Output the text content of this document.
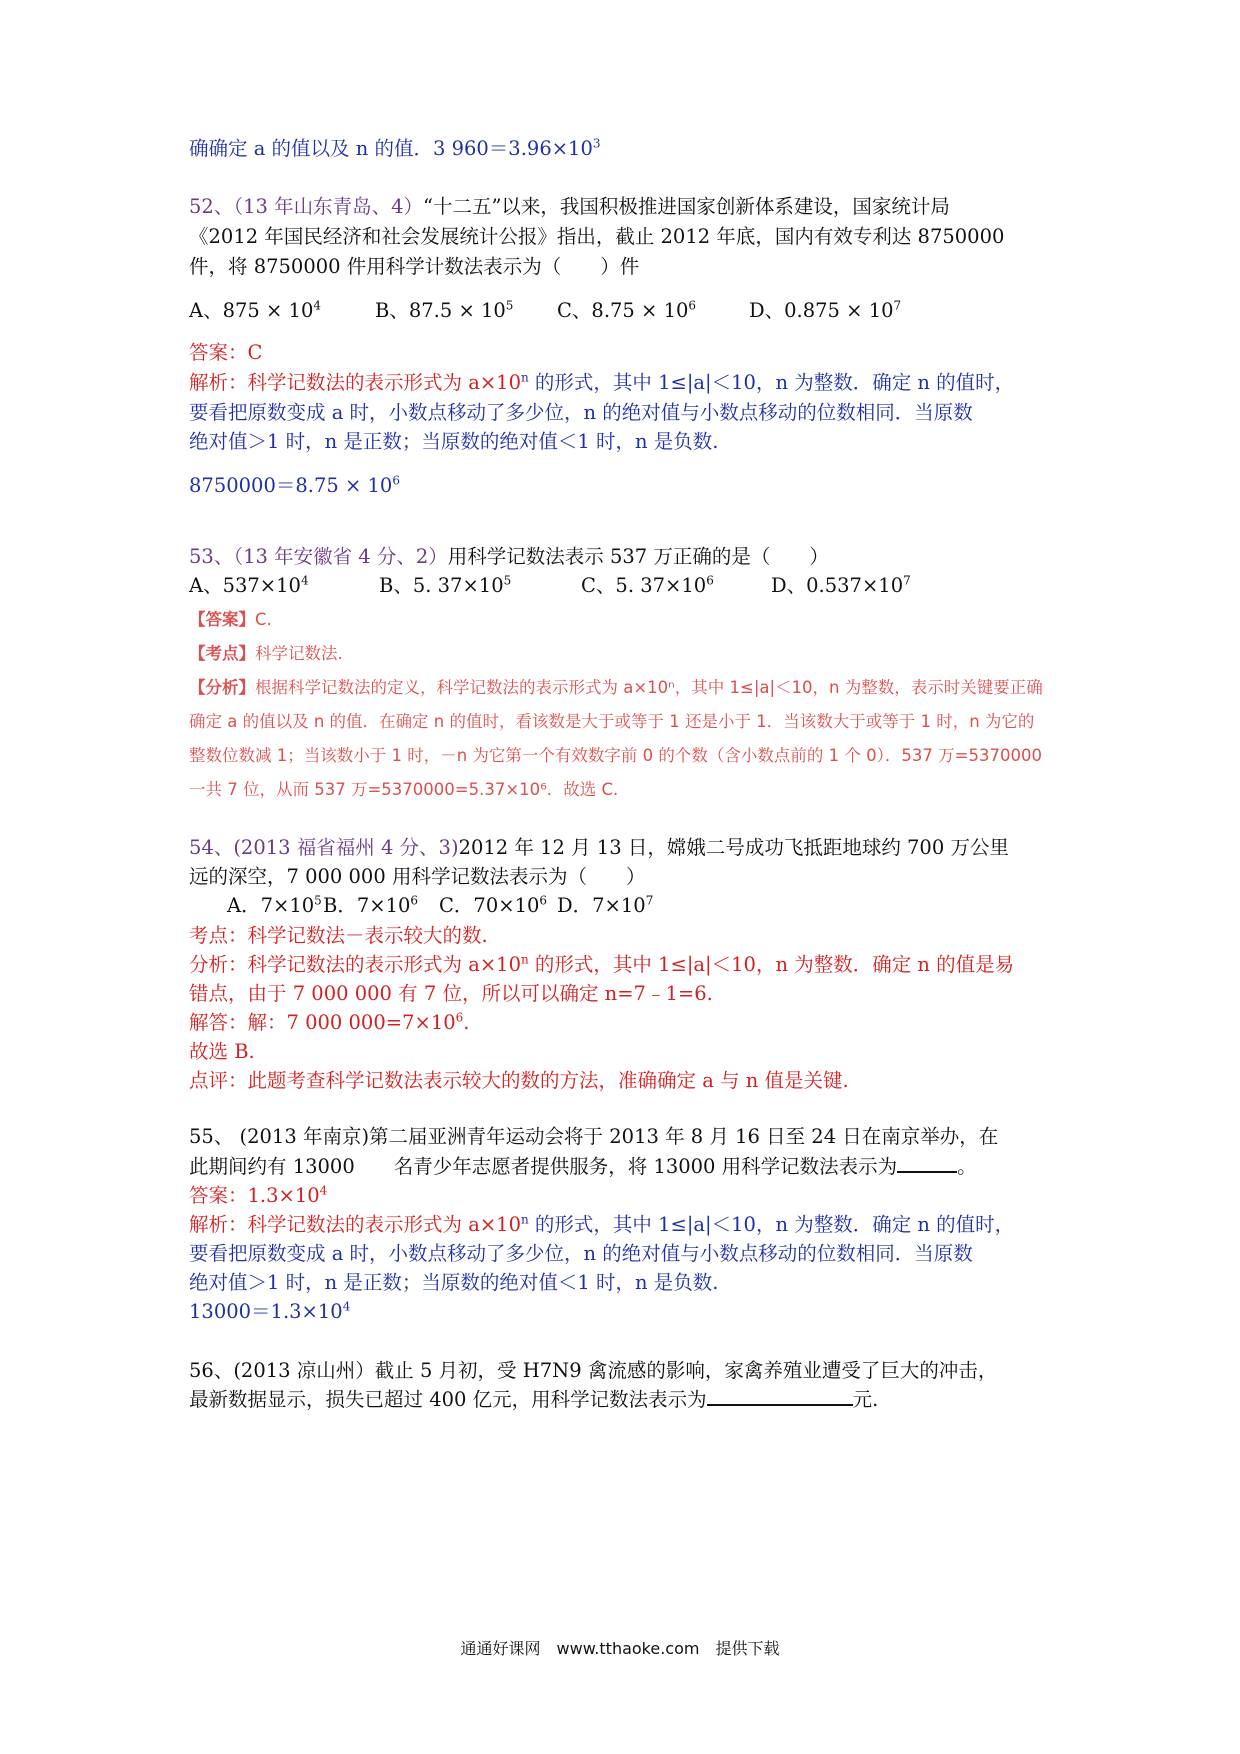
确确定 a 的值以及 n 的值．3 $960=3.96\times 10^3$
52、（13 年山东青岛、4）“十二五”以来，我国积极推进国家创新体系建设，国家统计局
《2012 年国民经济和社会发展统计公报》指出，截止 2012 年底，国内有效专利达 8750000
件，将 8750000 件用科学计数法表示为（　　）件
A、$875 \times 10^4$	B、$87.5 \times 10^5$ C、$8.75 \times 10^6$	D、$0.875 \times 10^7$
答案：C
解析：科学记数法的表示形式为 $a\times 10^n$ 的形式，其中 1≤|a|＜10，n 为整数．确定 n 的值时，
要看把原数变成 a 时，小数点移动了多少位，n 的绝对值与小数点移动的位数相同．当原数
绝对值＞1 时，n 是正数；当原数的绝对值＜1 时，n 是负数.
$8750000=8.75 \times 10^6$
53、（13 年安徽省 4 分、2）用科学记数法表示 537 万正确的是（　　）
A、$537\times 10^4$	B、5. $37\times 10^5$	C、5. $37\times 10^6$	D、$0.537\times 10^7$
【答案】C.
【考点】科学记数法.
【分析】根据科学记数法的定义，科学记数法的表示形式为 a×10ⁿ，其中 1≤|a|＜10，n 为整数，表示时关键要正确
确定 a 的值以及 n 的值．在确定 n 的值时，看该数是大于或等于 1 还是小于 1．当该数大于或等于 1 时，n 为它的
整数位数减 1；当该数小于 1 时，－n 为它第一个有效数字前 0 的个数（含小数点前的 1 个 0）．537 万=5370000
一共 7 位，从而 537 万=5370000=5.37×10⁶．故选 C.
54、(2013 福省福州 4 分、3)2012 年 12 月 13 日，嫦娥二号成功飞抵距地球约 700 万公里
远的深空，7 000 000 用科学记数法表示为（　　）
A．$7\times 10^5$ B．$7\times 10^6$ C．$70\times 10^6$ D．$7\times 10^7$
考点：科学记数法－表示较大的数.
分析：科学记数法的表示形式为 $a\times 10^n$ 的形式，其中 1≤|a|＜10，n 为整数．确定 n 的值是易
错点，由于 7 000 000 有 7 位，所以可以确定 n=7﹣1=6.
解答：解：7 000 $000=7\times 10^6$.
故选 B.
点评：此题考查科学记数法表示较大的数的方法，准确确定 a 与 n 值是关键.
55、 (2013 年南京)第二届亚洲青年运动会将于 2013 年 8 月 16 日至 24 日在南京举办，在
此期间约有 13000　　名青少年志愿者提供服务，将 13000 用科学记数法表示为	。
答案：$1.3\times 10^4$
解析：科学记数法的表示形式为 $a\times 10^n$ 的形式，其中 1≤|a|＜10，n 为整数．确定 n 的值时，
要看把原数变成 a 时，小数点移动了多少位，n 的绝对值与小数点移动的位数相同．当原数
绝对值＞1 时，n 是正数；当原数的绝对值＜1 时，n 是负数.
$13000=1.3\times 10^4$
56、(2013 凉山州）截止 5 月初，受 H7N9 禽流感的影响，家禽养殖业遭受了巨大的冲击，
最新数据显示，损失已超过 400 亿元，用科学记数法表示为	元.
通通好课网　www.tthaoke.com　提供下载
